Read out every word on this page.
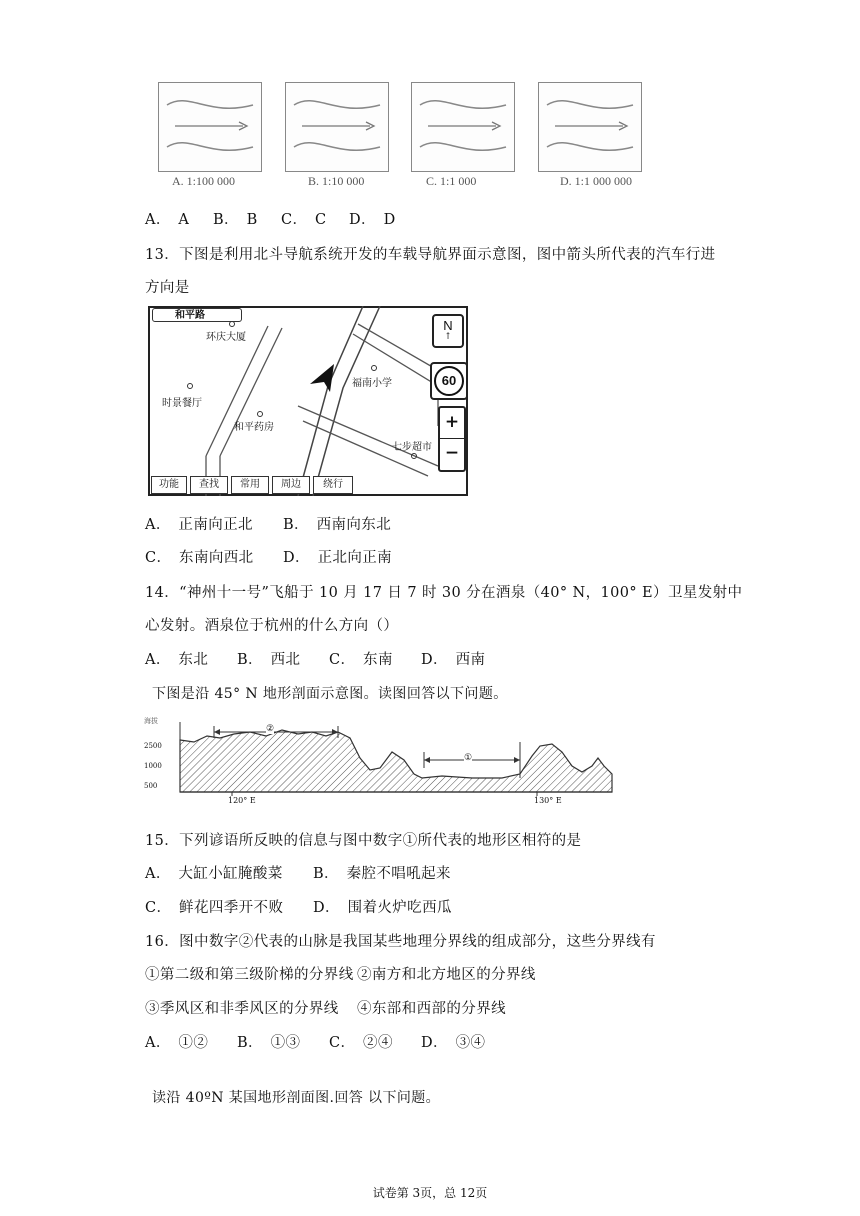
A. 1:100 000	B. 1:10 000	C. 1:1 000	D. 1:1 000 000
A．　A B．　B C．　C D．　D
13．下图是利用北斗导航系统开发的车载导航界面示意图，图中箭头所代表的汽车行进
方向是
和平路
环庆大厦
福南小学
时景餐厅
和平药房
七步超市
N
↑
60
+
−
功能	查找	常用	周边	绕行
A．　正南向正北 B．　西南向东北
C．　东南向西北 D．　正北向正南
14．“神州十一号”飞船于 10 月 17 日 7 时 30 分在酒泉（40° N，100° E）卫星发射中
心发射。酒泉位于杭州的什么方向（）
A．　东北 B．　西北 C．　东南 D．　西南
下图是沿 45° N 地形剖面示意图。读图回答以下问题。
海拔
2500
1000
500
②
①
120° E	130° E
15．下列谚语所反映的信息与图中数字①所代表的地形区相符的是
A．　大缸小缸腌酸菜 B．　秦腔不唱吼起来
C．　鲜花四季开不败 D．　围着火炉吃西瓜
16．图中数字②代表的山脉是我国某些地理分界线的组成部分，这些分界线有
①第二级和第三级阶梯的分界线 ②南方和北方地区的分界线
③季风区和非季风区的分界线 ④东部和西部的分界线
A．　①② B．　①③ C．　②④ D．　③④
读沿 40ºN 某国地形剖面图.回答 以下问题。
试卷第 3页，总 12页
